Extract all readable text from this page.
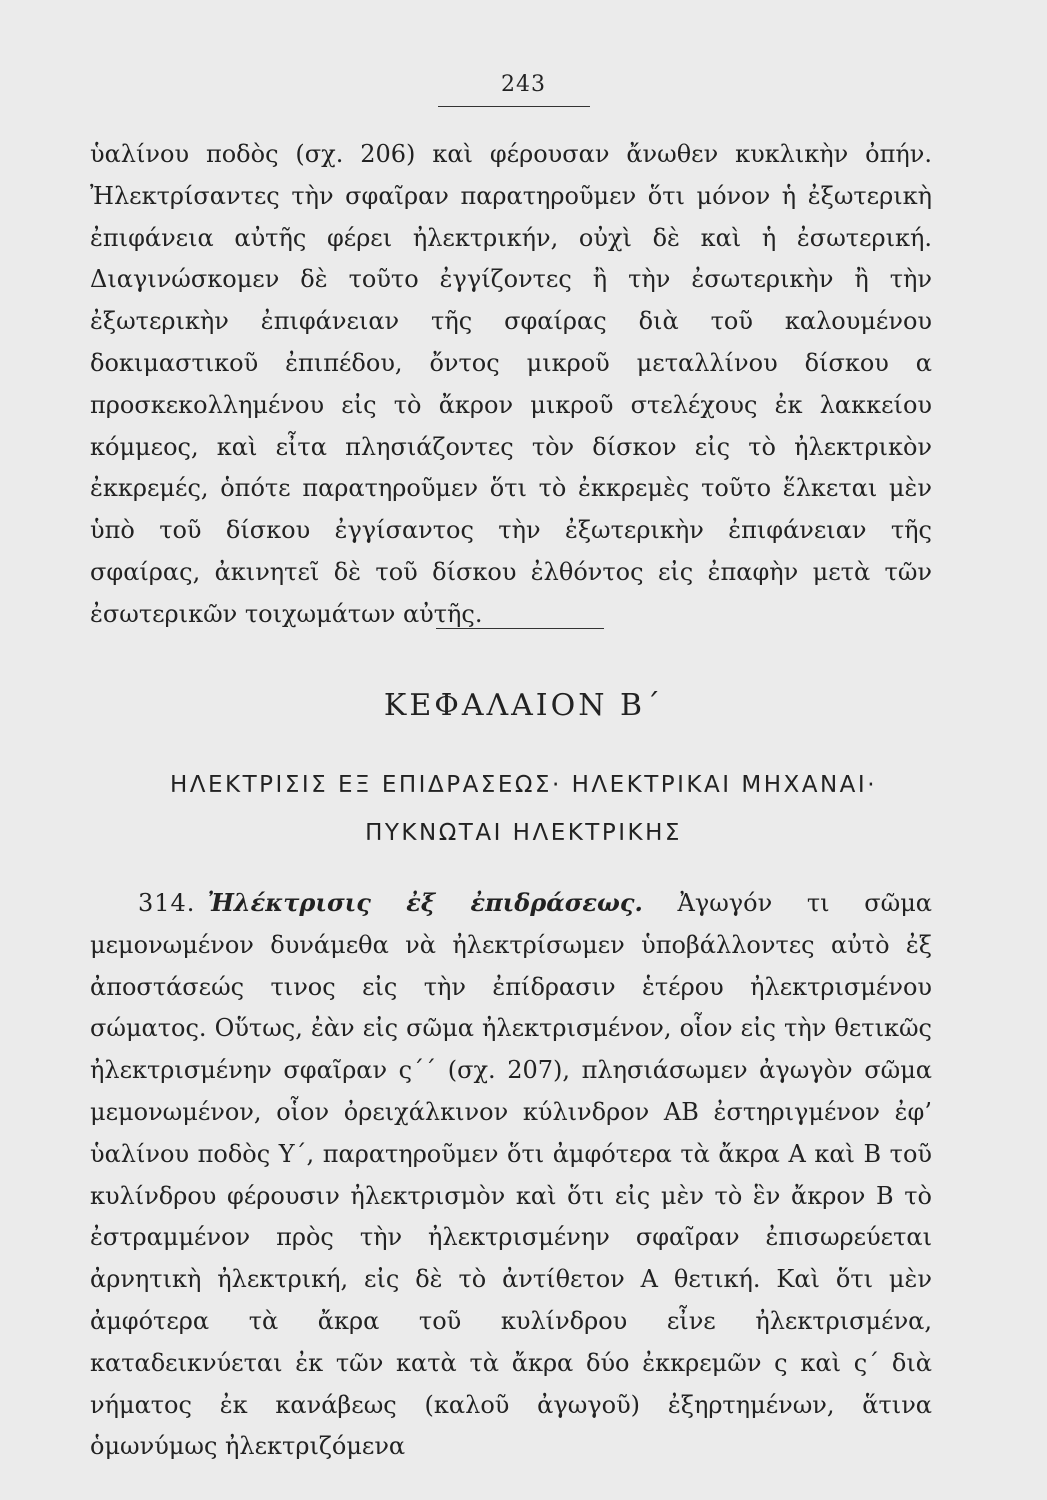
243

ὑαλίνου ποδὸς (σχ. 206) καὶ φέρουσαν ἄνωθεν κυκλικὴν ὀπήν. Ἠλεκτρίσαντες τὴν σφαῖραν παρατηροῦμεν ὅτι μόνον ἡ ἐξωτερικὴ ἐπιφάνεια αὐτῆς φέρει ἠλεκτρικήν, οὐχὶ δὲ καὶ ἡ ἐσωτερική. Διαγινώσκομεν δὲ τοῦτο ἐγγίζοντες ἢ τὴν ἐσωτερικὴν ἢ τὴν ἐξωτερικὴν ἐπιφάνειαν τῆς σφαίρας διὰ τοῦ καλουμένου δοκιμαστικοῦ ἐπιπέδου, ὄντος μικροῦ μεταλλίνου δίσκου α προσκεκολλημένου εἰς τὸ ἄκρον μικροῦ στελέχους ἐκ λακκείου κόμμεος, καὶ εἶτα πλησιάζοντες τὸν δίσκον εἰς τὸ ἠλεκτρικὸν ἐκκρεμές, ὁπότε παρατηροῦμεν ὅτι τὸ ἐκκρεμὲς τοῦτο ἕλκεται μὲν ὑπὸ τοῦ δίσκου ἐγγίσαντος τὴν ἐξωτερικὴν ἐπιφάνειαν τῆς σφαίρας, ἀκινητεῖ δὲ τοῦ δίσκου ἐλθόντος εἰς ἐπαφὴν μετὰ τῶν ἐσωτερικῶν τοιχωμάτων αὐτῆς.

ΚΕΦΑΛΑΙΟΝ Β΄
ΗΛΕΚΤΡΙΣΙΣ ΕΞ ΕΠΙΔΡΑΣΕΩΣ· ΗΛΕΚΤΡΙΚΑΙ ΜΗΧΑΝΑΙ·
ΠΥΚΝΩΤΑΙ ΗΛΕΚΤΡΙΚΗΣ

  314.  Ἠλέκτρισις ἐξ ἐπιδράσεως. Ἀγωγόν τι σῶμα μεμονωμένον δυνάμεθα νὰ ἠλεκτρίσωμεν ὑποβάλλοντες αὐτὸ ἐξ ἀποστάσεώς τινος εἰς τὴν ἐπίδρασιν ἑτέρου ἠλεκτρισμένου σώματος. Οὕτως, ἐὰν εἰς σῶμα ἠλεκτρισμένον, οἷον εἰς τὴν θετικῶς ἠλεκτρισμένην σφαῖραν ς΄΄ (σχ. 207), πλησιάσωμεν ἀγωγὸν σῶμα μεμονωμένον, οἷον ὀρειχάλκινον κύλινδρον ΑΒ ἐστηριγμένον ἐφ’ ὑαλίνου ποδὸς Υ΄, παρατηροῦμεν ὅτι ἀμφότερα τὰ ἄκρα Α καὶ Β τοῦ κυλίνδρου φέρουσιν ἠλεκτρισμὸν καὶ ὅτι εἰς μὲν τὸ ἓν ἄκρον Β τὸ ἐστραμμένον πρὸς τὴν ἠλεκτρισμένην σφαῖραν ἐπισωρεύεται ἀρνητικὴ ἠλεκτρική, εἰς δὲ τὸ ἀντίθετον Α θετική. Καὶ ὅτι μὲν ἀμφότερα τὰ ἄκρα τοῦ κυλίνδρου εἶνε ἠλεκτρισμένα, καταδεικνύεται ἐκ τῶν κατὰ τὰ ἄκρα δύο ἐκκρεμῶν ς καὶ ς΄ διὰ νήματος ἐκ κανάβεως (καλοῦ ἀγωγοῦ) ἐξηρτημένων, ἅτινα ὁμωνύμως ἠλεκτριζόμενα
